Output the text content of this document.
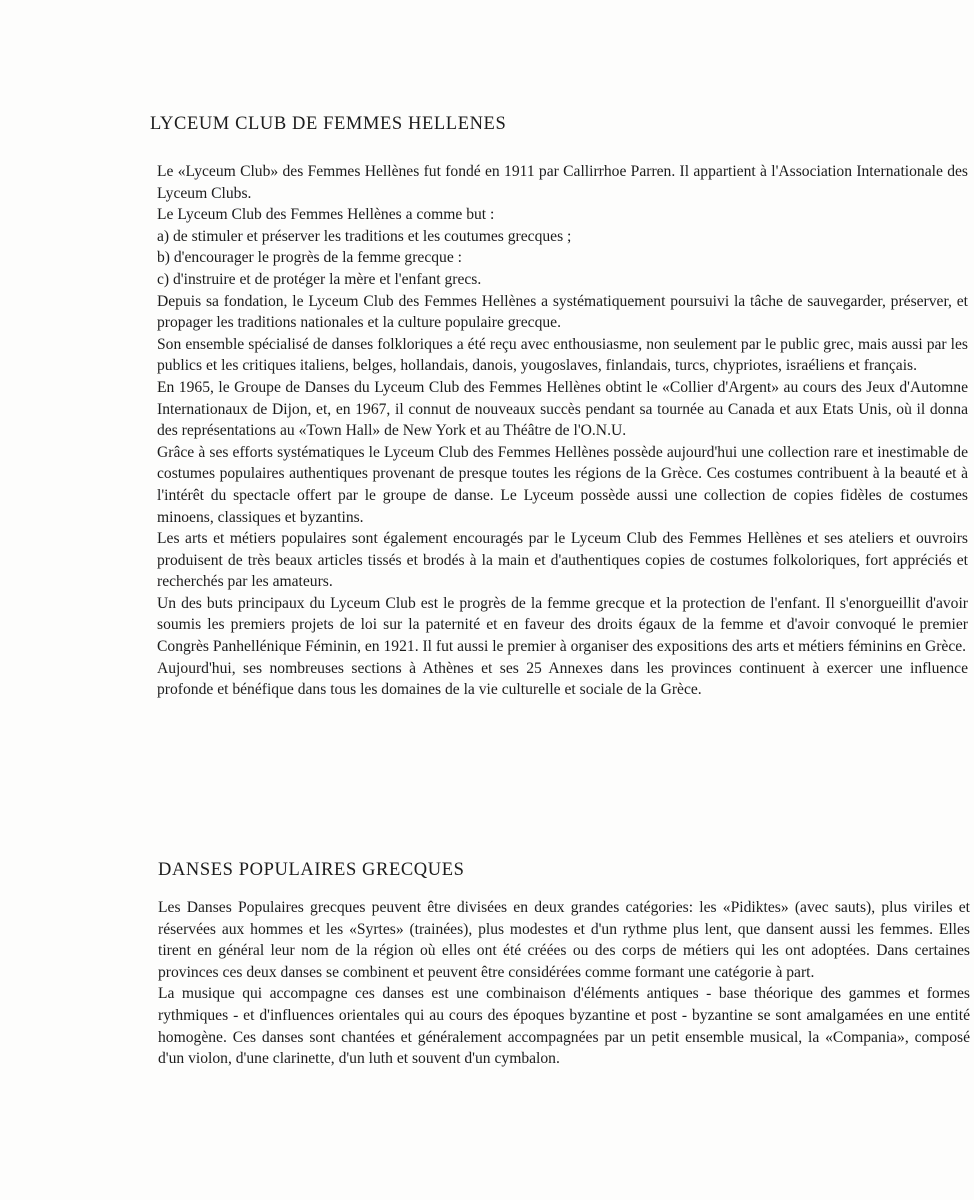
LYCEUM CLUB DE FEMMES HELLENES

Le «Lyceum Club» des Femmes Hellènes fut fondé en 1911 par Callirrhoe Parren. Il appartient à l'Association Internationale des Lyceum Clubs.

Le Lyceum Club des Femmes Hellènes a comme but :

a) de stimuler et préserver les traditions et les coutumes grecques ;

b) d'encourager le progrès de la femme grecque :

c) d'instruire et de protéger la mère et l'enfant grecs.

Depuis sa fondation, le Lyceum Club des Femmes Hellènes a systématiquement poursuivi la tâche de sauvegarder, préserver, et propager les traditions nationales et la culture populaire grecque.

Son ensemble spécialisé de danses folkloriques a été reçu avec enthousiasme, non seulement par le public grec, mais aussi par les publics et les critiques italiens, belges, hollandais, danois, yougoslaves, finlandais, turcs, chypriotes, israéliens et français.

En 1965, le Groupe de Danses du Lyceum Club des Femmes Hellènes obtint le «Collier d'Argent» au cours des Jeux d'Automne Internationaux de Dijon, et, en 1967, il connut de nouveaux succès pendant sa tournée au Canada et aux Etats Unis, où il donna des représentations au «Town Hall» de New York et au Théâtre de l'O.N.U.

Grâce à ses efforts systématiques le Lyceum Club des Femmes Hellènes possède aujourd'hui une collection rare et inestimable de costumes populaires authentiques provenant de presque toutes les régions de la Grèce. Ces costumes contribuent à la beauté et à l'intérêt du spectacle offert par le groupe de danse. Le Lyceum possède aussi une collection de copies fidèles de costumes minoens, classiques et byzantins.

Les arts et métiers populaires sont également encouragés par le Lyceum Club des Femmes Hellènes et ses ateliers et ouvroirs produisent de très beaux articles tissés et brodés à la main et d'authentiques copies de costumes folkoloriques, fort appréciés et recherchés par les amateurs.

Un des buts principaux du Lyceum Club est le progrès de la femme grecque et la protection de l'enfant. Il s'enorgueillit d'avoir soumis les premiers projets de loi sur la paternité et en faveur des droits égaux de la femme et d'avoir convoqué le premier Congrès Panhellénique Féminin, en 1921. Il fut aussi le premier à organiser des expositions des arts et métiers féminins en Grèce.

Aujourd'hui, ses nombreuses sections à Athènes et ses 25 Annexes dans les provinces continuent à exercer une influence profonde et bénéfique dans tous les domaines de la vie culturelle et sociale de la Grèce.

DANSES POPULAIRES GRECQUES

Les Danses Populaires grecques peuvent être divisées en deux grandes catégories: les «Pidiktes» (avec sauts), plus viriles et réservées aux hommes et les «Syrtes» (trainées), plus modestes et d'un rythme plus lent, que dansent aussi les femmes. Elles tirent en général leur nom de la région où elles ont été créées ou des corps de métiers qui les ont adoptées. Dans certaines provinces ces deux danses se combinent et peuvent être considérées comme formant une catégorie à part.

La musique qui accompagne ces danses est une combinaison d'éléments antiques - base théorique des gammes et formes rythmiques - et d'influences orientales qui au cours des époques byzantine et post - byzantine se sont amalgamées en une entité homogène. Ces danses sont chantées et généralement accompagnées par un petit ensemble musical, la «Compania», composé d'un violon, d'une clarinette, d'un luth et souvent d'un cymbalon.
